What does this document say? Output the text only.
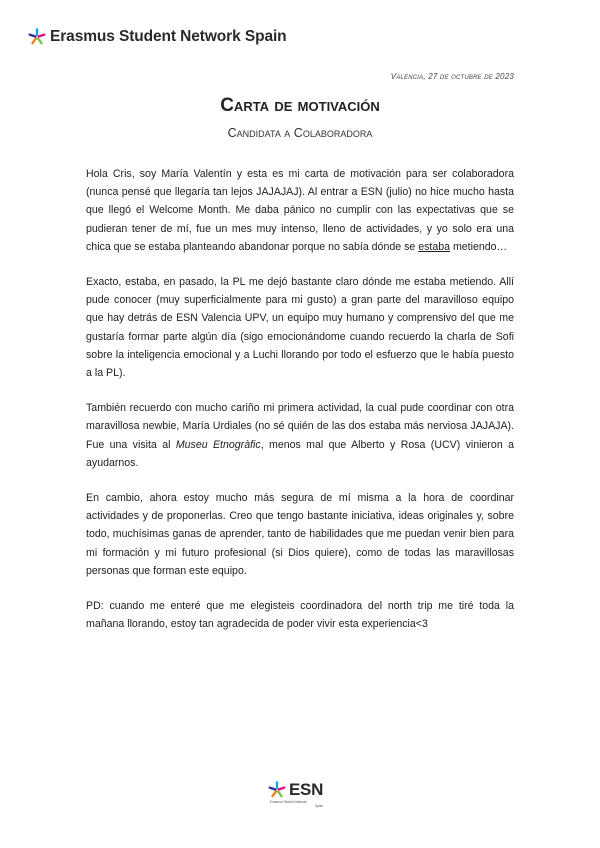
Erasmus Student Network Spain
Valencia, 27 de octubre de 2023
Carta de motivación
Candidata a Colaboradora

Hola Cris, soy María Valentín y esta es mi carta de motivación para ser colaboradora (nunca pensé que llegaría tan lejos JAJAJAJ). Al entrar a ESN (julio) no hice mucho hasta que llegó el Welcome Month. Me daba pánico no cumplir con las expectativas que se pudieran tener de mí, fue un mes muy intenso, lleno de actividades, y yo solo era una chica que se estaba planteando abandonar porque no sabía dónde se estaba metiendo…

Exacto, estaba, en pasado, la PL me dejó bastante claro dónde me estaba metiendo. Allí pude conocer (muy superficialmente para mi gusto) a gran parte del maravilloso equipo que hay detrás de ESN Valencia UPV, un equipo muy humano y comprensivo del que me gustaría formar parte algún día (sigo emocionándome cuando recuerdo la charla de Sofi sobre la inteligencia emocional y a Luchi llorando por todo el esfuerzo que le había puesto a la PL).

También recuerdo con mucho cariño mi primera actividad, la cual pude coordinar con otra maravillosa newbie, María Urdiales (no sé quién de las dos estaba más nerviosa JAJAJA). Fue una visita al Museu Etnogràfic, menos mal que Alberto y Rosa (UCV) vinieron a ayudarnos.

En cambio, ahora estoy mucho más segura de mí misma a la hora de coordinar actividades y de proponerlas. Creo que tengo bastante iniciativa, ideas originales y, sobre todo, muchísimas ganas de aprender, tanto de habilidades que me puedan venir bien para mi formación y mi futuro profesional (si Dios quiere), como de todas las maravillosas personas que forman este equipo.

PD: cuando me enteré que me elegisteis coordinadora del north trip me tiré toda la mañana llorando, estoy tan agradecida de poder vivir esta experiencia<3

ESN
Erasmus Student Network
Spain
